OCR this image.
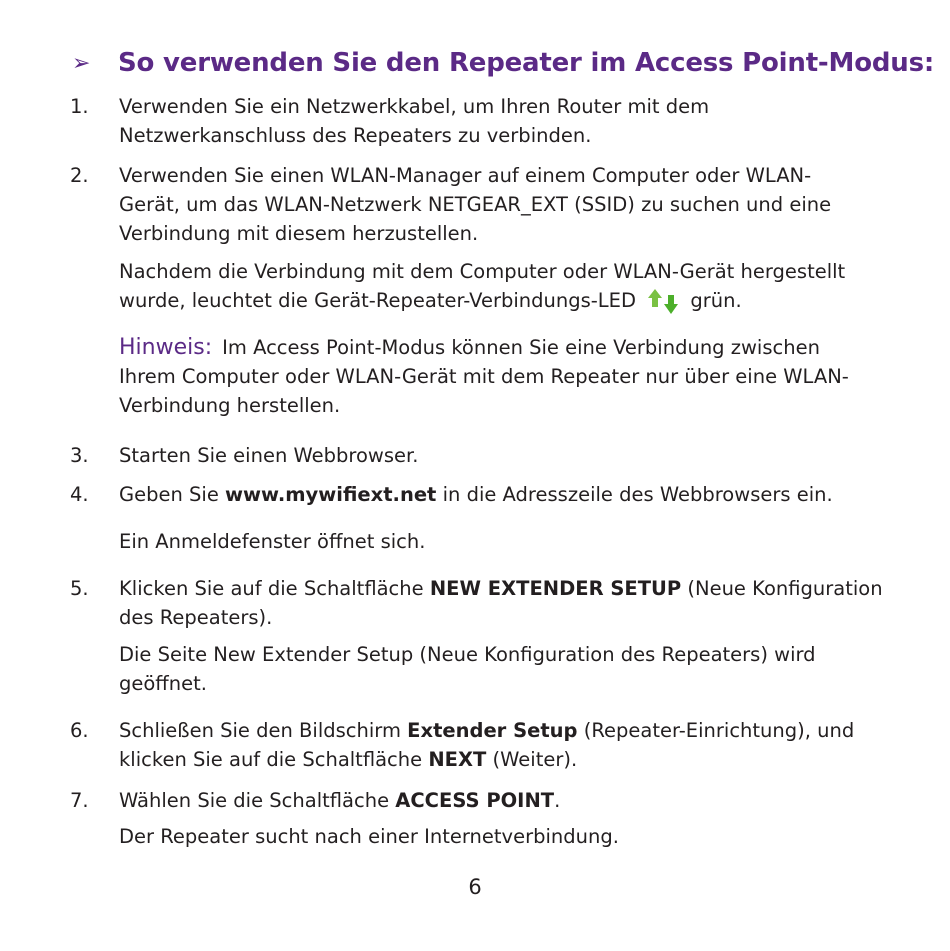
➢ So verwenden Sie den Repeater im Access Point-Modus:
1.	Verwenden Sie ein Netzwerkkabel, um Ihren Router mit dem Netzwerkanschluss des Repeaters zu verbinden.
2.	Verwenden Sie einen WLAN-Manager auf einem Computer oder WLAN-Gerät, um das WLAN-Netzwerk NETGEAR_EXT (SSID) zu suchen und eine Verbindung mit diesem herzustellen.
Nachdem die Verbindung mit dem Computer oder WLAN-Gerät hergestellt wurde, leuchtet die Gerät-Repeater-Verbindungs-LED  grün.
Hinweis: Im Access Point-Modus können Sie eine Verbindung zwischen Ihrem Computer oder WLAN-Gerät mit dem Repeater nur über eine WLAN-Verbindung herstellen.
3.	Starten Sie einen Webbrowser.
4.	Geben Sie www.mywifiext.net in die Adresszeile des Webbrowsers ein.
Ein Anmeldefenster öffnet sich.
5.	Klicken Sie auf die Schaltfläche NEW EXTENDER SETUP (Neue Konfiguration des Repeaters).
Die Seite New Extender Setup (Neue Konfiguration des Repeaters) wird geöffnet.
6.	Schließen Sie den Bildschirm Extender Setup (Repeater-Einrichtung), und klicken Sie auf die Schaltfläche NEXT (Weiter).
7.	Wählen Sie die Schaltfläche ACCESS POINT.
Der Repeater sucht nach einer Internetverbindung.
6
